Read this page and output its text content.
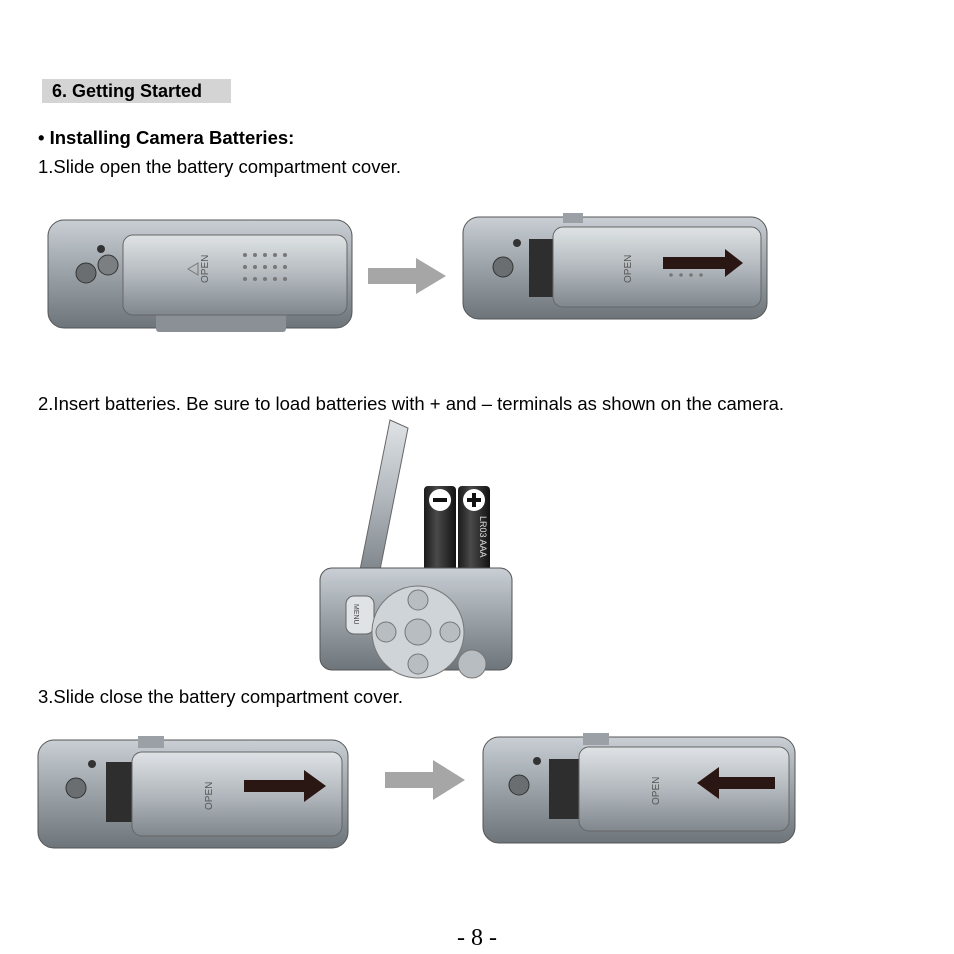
6. Getting Started
• Installing Camera Batteries:
1.Slide open the battery compartment cover.
2.Insert batteries. Be sure to load batteries with + and – terminals as shown on the camera.
3.Slide close the battery compartment cover.
OPEN	OPEN
LR03 AAA
MENU
OPEN	OPEN
- 8 -
